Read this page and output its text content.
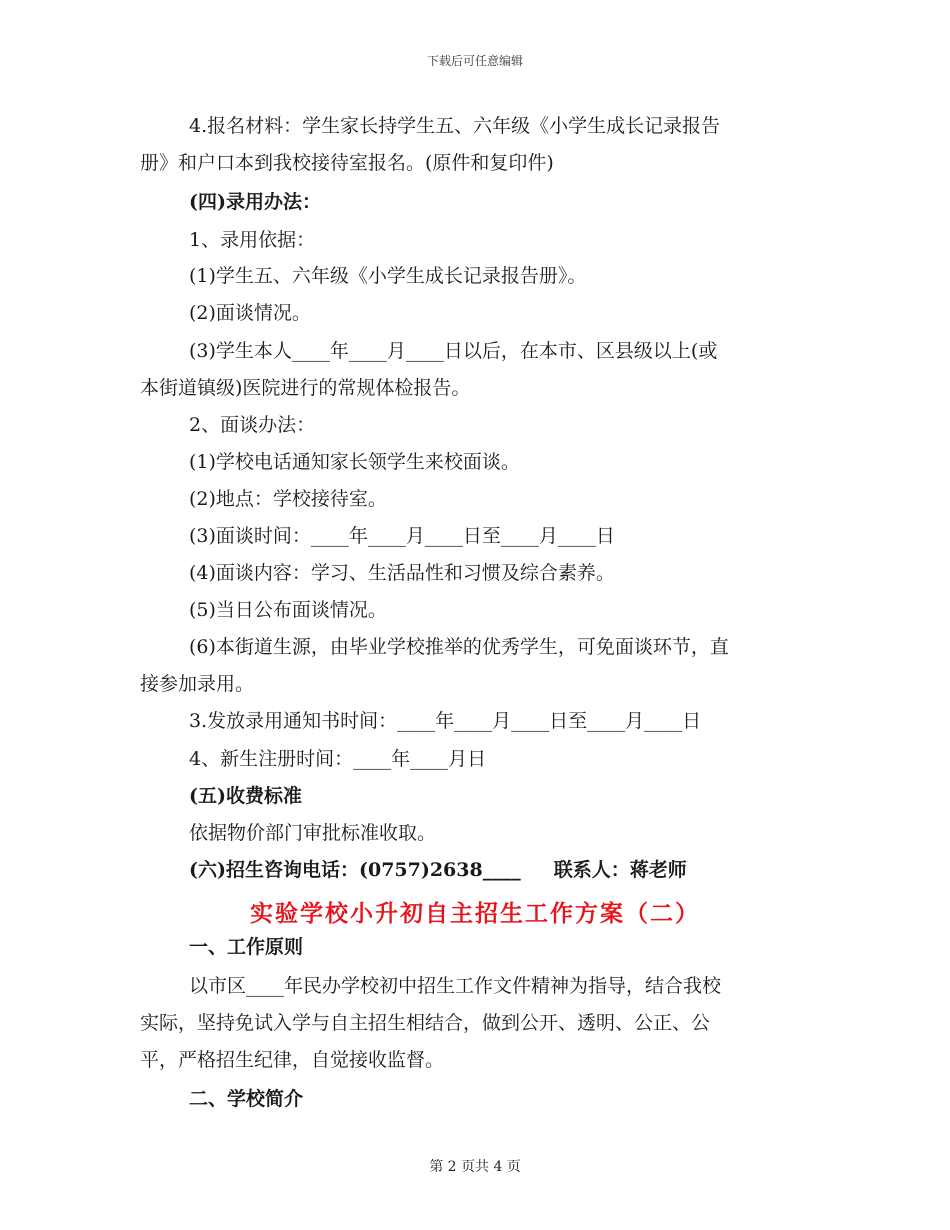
下载后可任意编辑
4.报名材料：学生家长持学生五、六年级《小学生成长记录报告
册》和户口本到我校接待室报名。(原件和复印件)
(四)录用办法：
1、录用依据：
(1)学生五、六年级《小学生成长记录报告册》。
(2)面谈情况。
(3)学生本人____年____月____日以后，在本市、区县级以上(或
本街道镇级)医院进行的常规体检报告。
2、面谈办法：
(1)学校电话通知家长领学生来校面谈。
(2)地点：学校接待室。
(3)面谈时间：____年____月____日至____月____日
(4)面谈内容：学习、生活品性和习惯及综合素养。
(5)当日公布面谈情况。
(6)本街道生源，由毕业学校推举的优秀学生，可免面谈环节，直
接参加录用。
3.发放录用通知书时间：____年____月____日至____月____日
4、新生注册时间：____年____月日
(五)收费标准
依据物价部门审批标准收取。
(六)招生咨询电话：(0757)2638____     联系人：蒋老师
实验学校小升初自主招生工作方案（二）
一、工作原则
以市区____年民办学校初中招生工作文件精神为指导，结合我校
实际，坚持免试入学与自主招生相结合，做到公开、透明、公正、公
平，严格招生纪律，自觉接收监督。
二、学校简介
第 2 页共 4 页
